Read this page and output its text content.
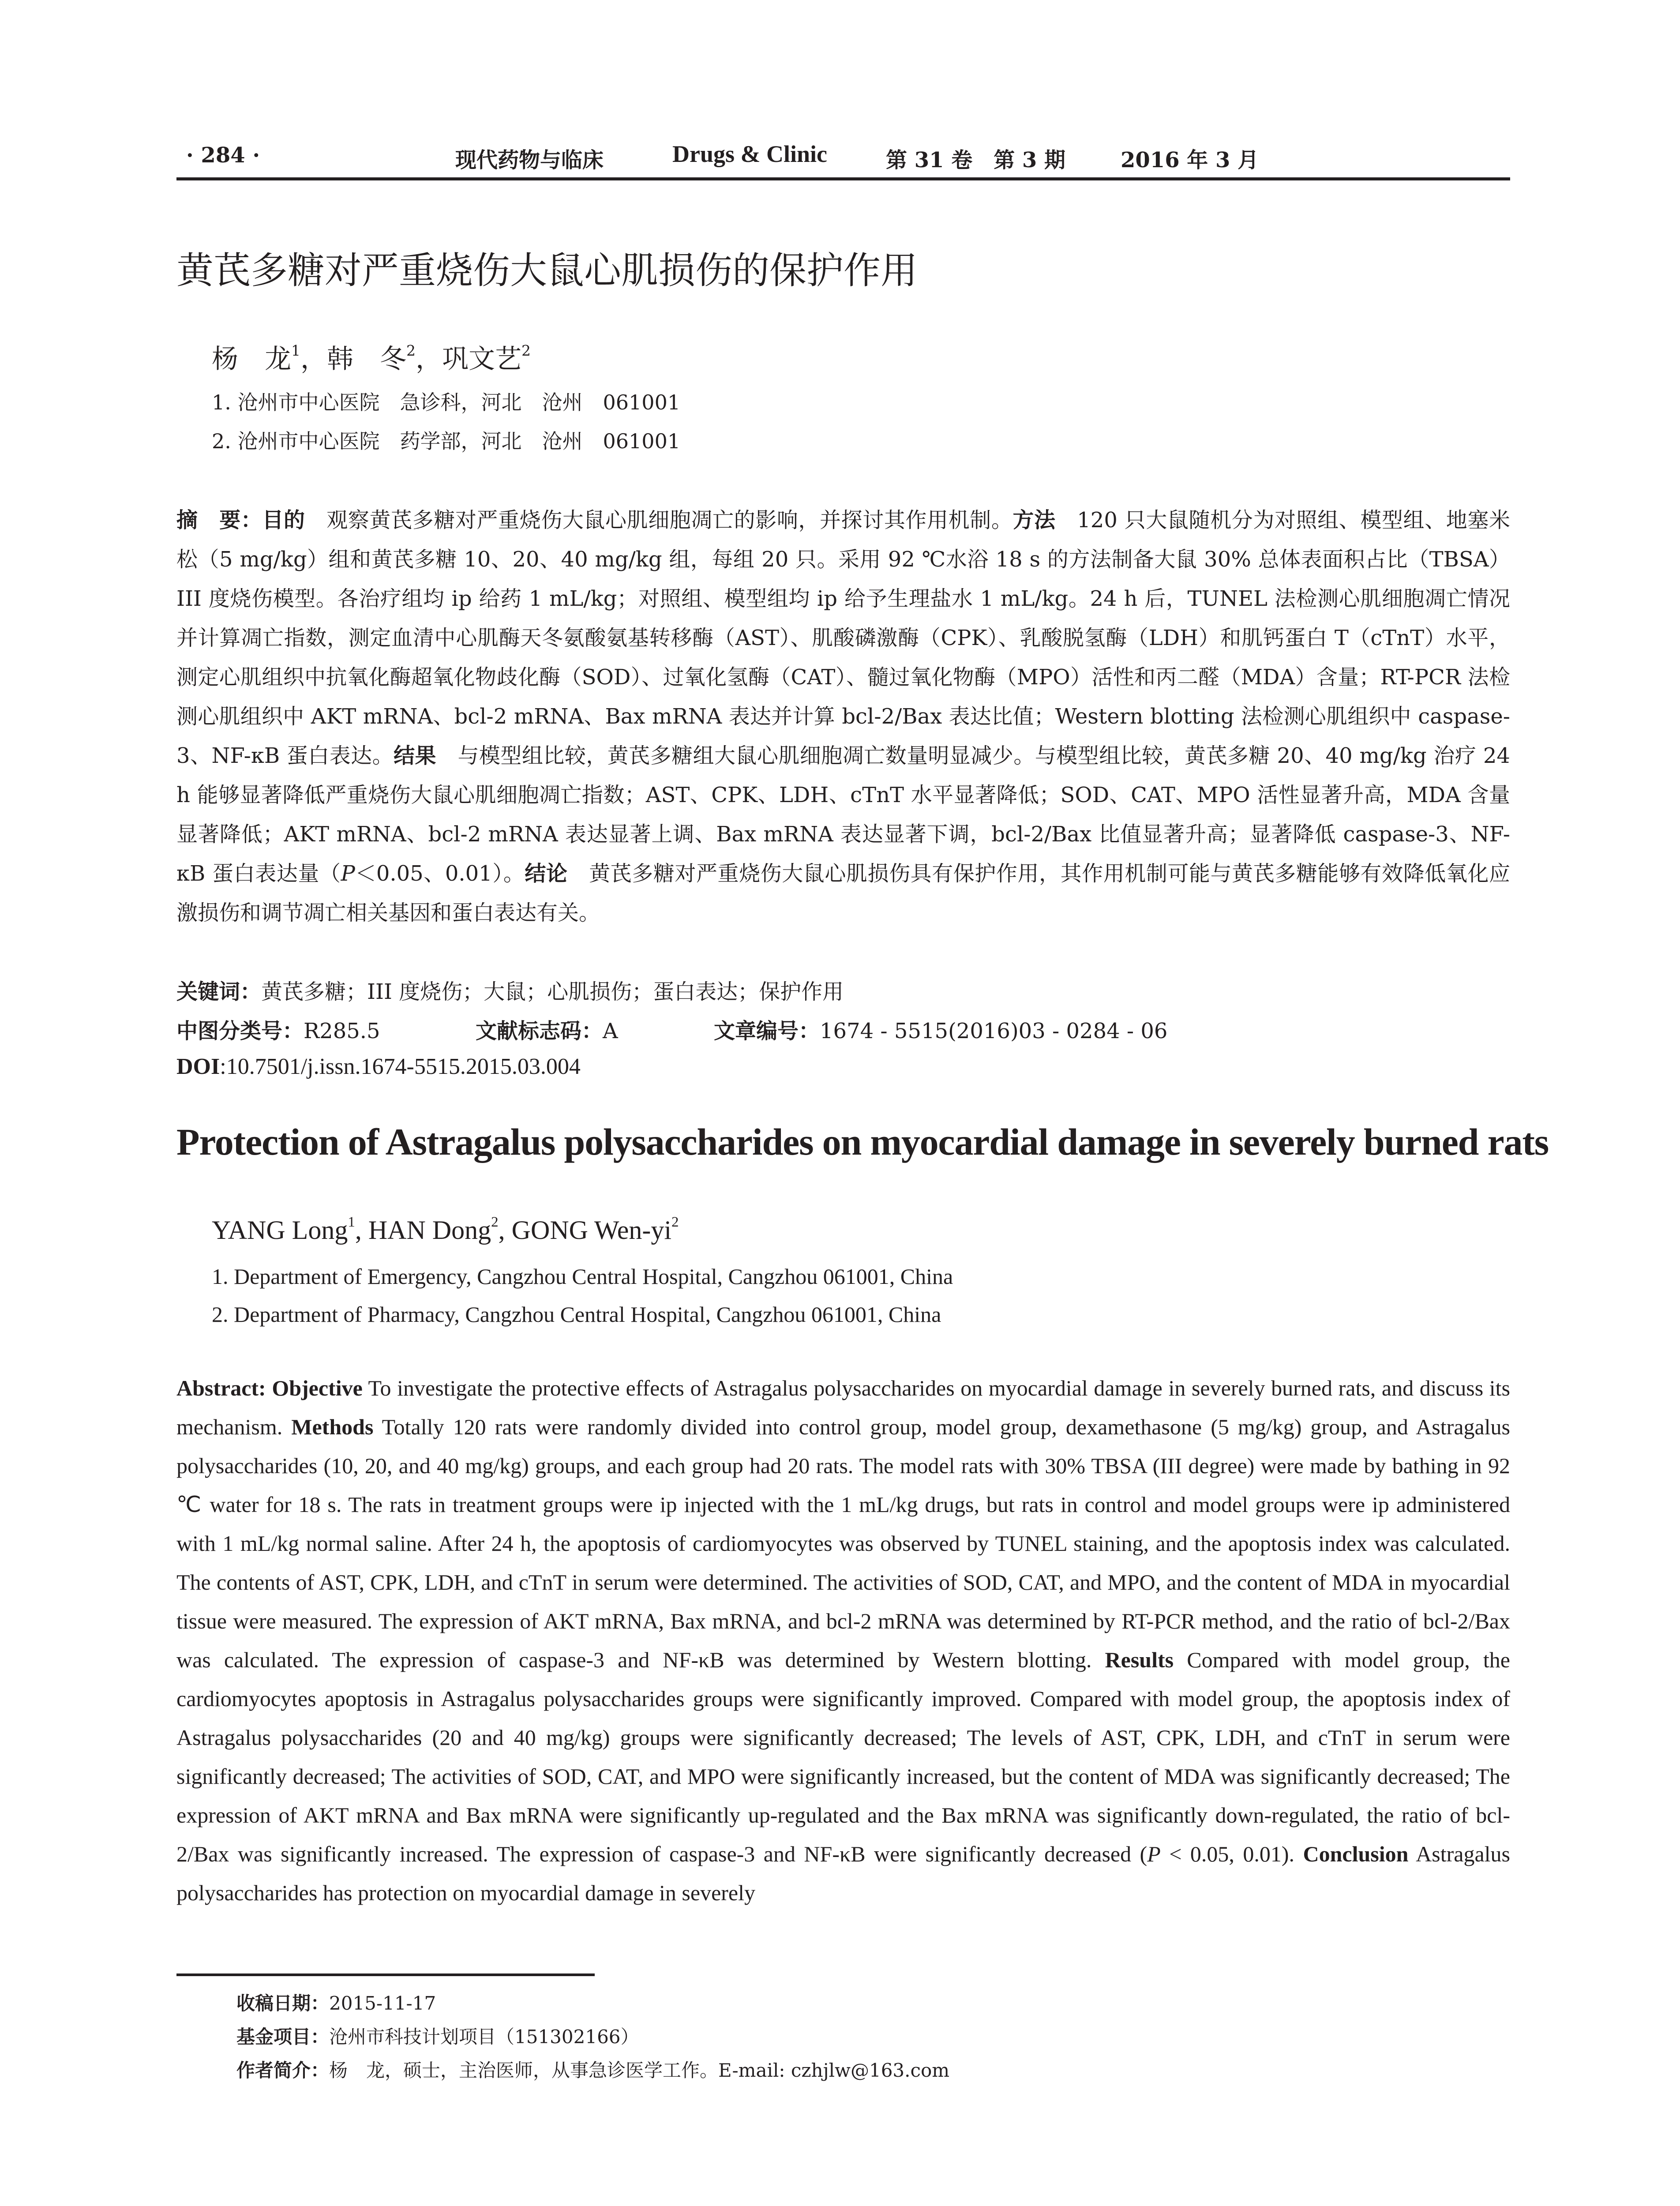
· 284 ·	现代药物与临床	Drugs & Clinic	第 31 卷　第 3 期	2016 年 3 月
黄芪多糖对严重烧伤大鼠心肌损伤的保护作用
杨　龙$^1$，韩　冬$^2$，巩文艺$^2$
1. 沧州市中心医院　急诊科，河北　沧州　061001
2. 沧州市中心医院　药学部，河北　沧州　061001
摘　要：目的　观察黄芪多糖对严重烧伤大鼠心肌细胞凋亡的影响，并探讨其作用机制。方法　120 只大鼠随机分为对照组、模型组、地塞米松（5 mg/kg）组和黄芪多糖 10、20、40 mg/kg 组，每组 20 只。采用 92 ℃水浴 18 s 的方法制备大鼠 30% 总体表面积占比（TBSA）III 度烧伤模型。各治疗组均 ip 给药 1 mL/kg；对照组、模型组均 ip 给予生理盐水 1 mL/kg。24 h 后，TUNEL 法检测心肌细胞凋亡情况并计算凋亡指数，测定血清中心肌酶天冬氨酸氨基转移酶（AST）、肌酸磷激酶（CPK）、乳酸脱氢酶（LDH）和肌钙蛋白 T（cTnT）水平，测定心肌组织中抗氧化酶超氧化物歧化酶（SOD）、过氧化氢酶（CAT）、髓过氧化物酶（MPO）活性和丙二醛（MDA）含量；RT-PCR 法检测心肌组织中 AKT mRNA、bcl-2 mRNA、Bax mRNA 表达并计算 bcl-2/Bax 表达比值；Western blotting 法检测心肌组织中 caspase-3、NF-κB 蛋白表达。结果　与模型组比较，黄芪多糖组大鼠心肌细胞凋亡数量明显减少。与模型组比较，黄芪多糖 20、40 mg/kg 治疗 24 h 能够显著降低严重烧伤大鼠心肌细胞凋亡指数；AST、CPK、LDH、cTnT 水平显著降低；SOD、CAT、MPO 活性显著升高，MDA 含量显著降低；AKT mRNA、bcl-2 mRNA 表达显著上调、Bax mRNA 表达显著下调，bcl-2/Bax 比值显著升高；显著降低 caspase-3、NF-κB 蛋白表达量（P＜0.05、0.01）。结论　黄芪多糖对严重烧伤大鼠心肌损伤具有保护作用，其作用机制可能与黄芪多糖能够有效降低氧化应激损伤和调节凋亡相关基因和蛋白表达有关。
关键词：黄芪多糖；III 度烧伤；大鼠；心肌损伤；蛋白表达；保护作用
中图分类号：R285.5	文献标志码：A	文章编号：1674 - 5515(2016)03 - 0284 - 06
DOI:10.7501/j.issn.1674-5515.2015.03.004
Protection of Astragalus polysaccharides on myocardial damage in severely burned rats
YANG Long$^1$, HAN Dong$^2$, GONG Wen-$yi^2$
1. Department of Emergency, Cangzhou Central Hospital, Cangzhou 061001, China
2. Department of Pharmacy, Cangzhou Central Hospital, Cangzhou 061001, China
Abstract: Objective To investigate the protective effects of Astragalus polysaccharides on myocardial damage in severely burned rats, and discuss its mechanism. Methods Totally 120 rats were randomly divided into control group, model group, dexamethasone (5 mg/kg) group, and Astragalus polysaccharides (10, 20, and 40 mg/kg) groups, and each group had 20 rats. The model rats with 30% TBSA (III degree) were made by bathing in 92 ℃ water for 18 s. The rats in treatment groups were ip injected with the 1 mL/kg drugs, but rats in control and model groups were ip administered with 1 mL/kg normal saline. After 24 h, the apoptosis of cardiomyocytes was observed by TUNEL staining, and the apoptosis index was calculated. The contents of AST, CPK, LDH, and cTnT in serum were determined. The activities of SOD, CAT, and MPO, and the content of MDA in myocardial tissue were measured. The expression of AKT mRNA, Bax mRNA, and bcl-2 mRNA was determined by RT-PCR method, and the ratio of bcl-2/Bax was calculated. The expression of caspase-3 and NF-κB was determined by Western blotting. Results Compared with model group, the cardiomyocytes apoptosis in Astragalus polysaccharides groups were significantly improved. Compared with model group, the apoptosis index of Astragalus polysaccharides (20 and 40 mg/kg) groups were significantly decreased; The levels of AST, CPK, LDH, and cTnT in serum were significantly decreased; The activities of SOD, CAT, and MPO were significantly increased, but the content of MDA was significantly decreased; The expression of AKT mRNA and Bax mRNA were significantly up-regulated and the Bax mRNA was significantly down-regulated, the ratio of bcl-2/Bax was significantly increased. The expression of caspase-3 and NF-κB were significantly decreased (P < 0.05, 0.01). Conclusion Astragalus polysaccharides has protection on myocardial damage in severely
收稿日期：2015-11-17
基金项目：沧州市科技计划项目（151302166）
作者简介：杨　龙，硕士，主治医师，从事急诊医学工作。E-mail: czhjlw@163.com
